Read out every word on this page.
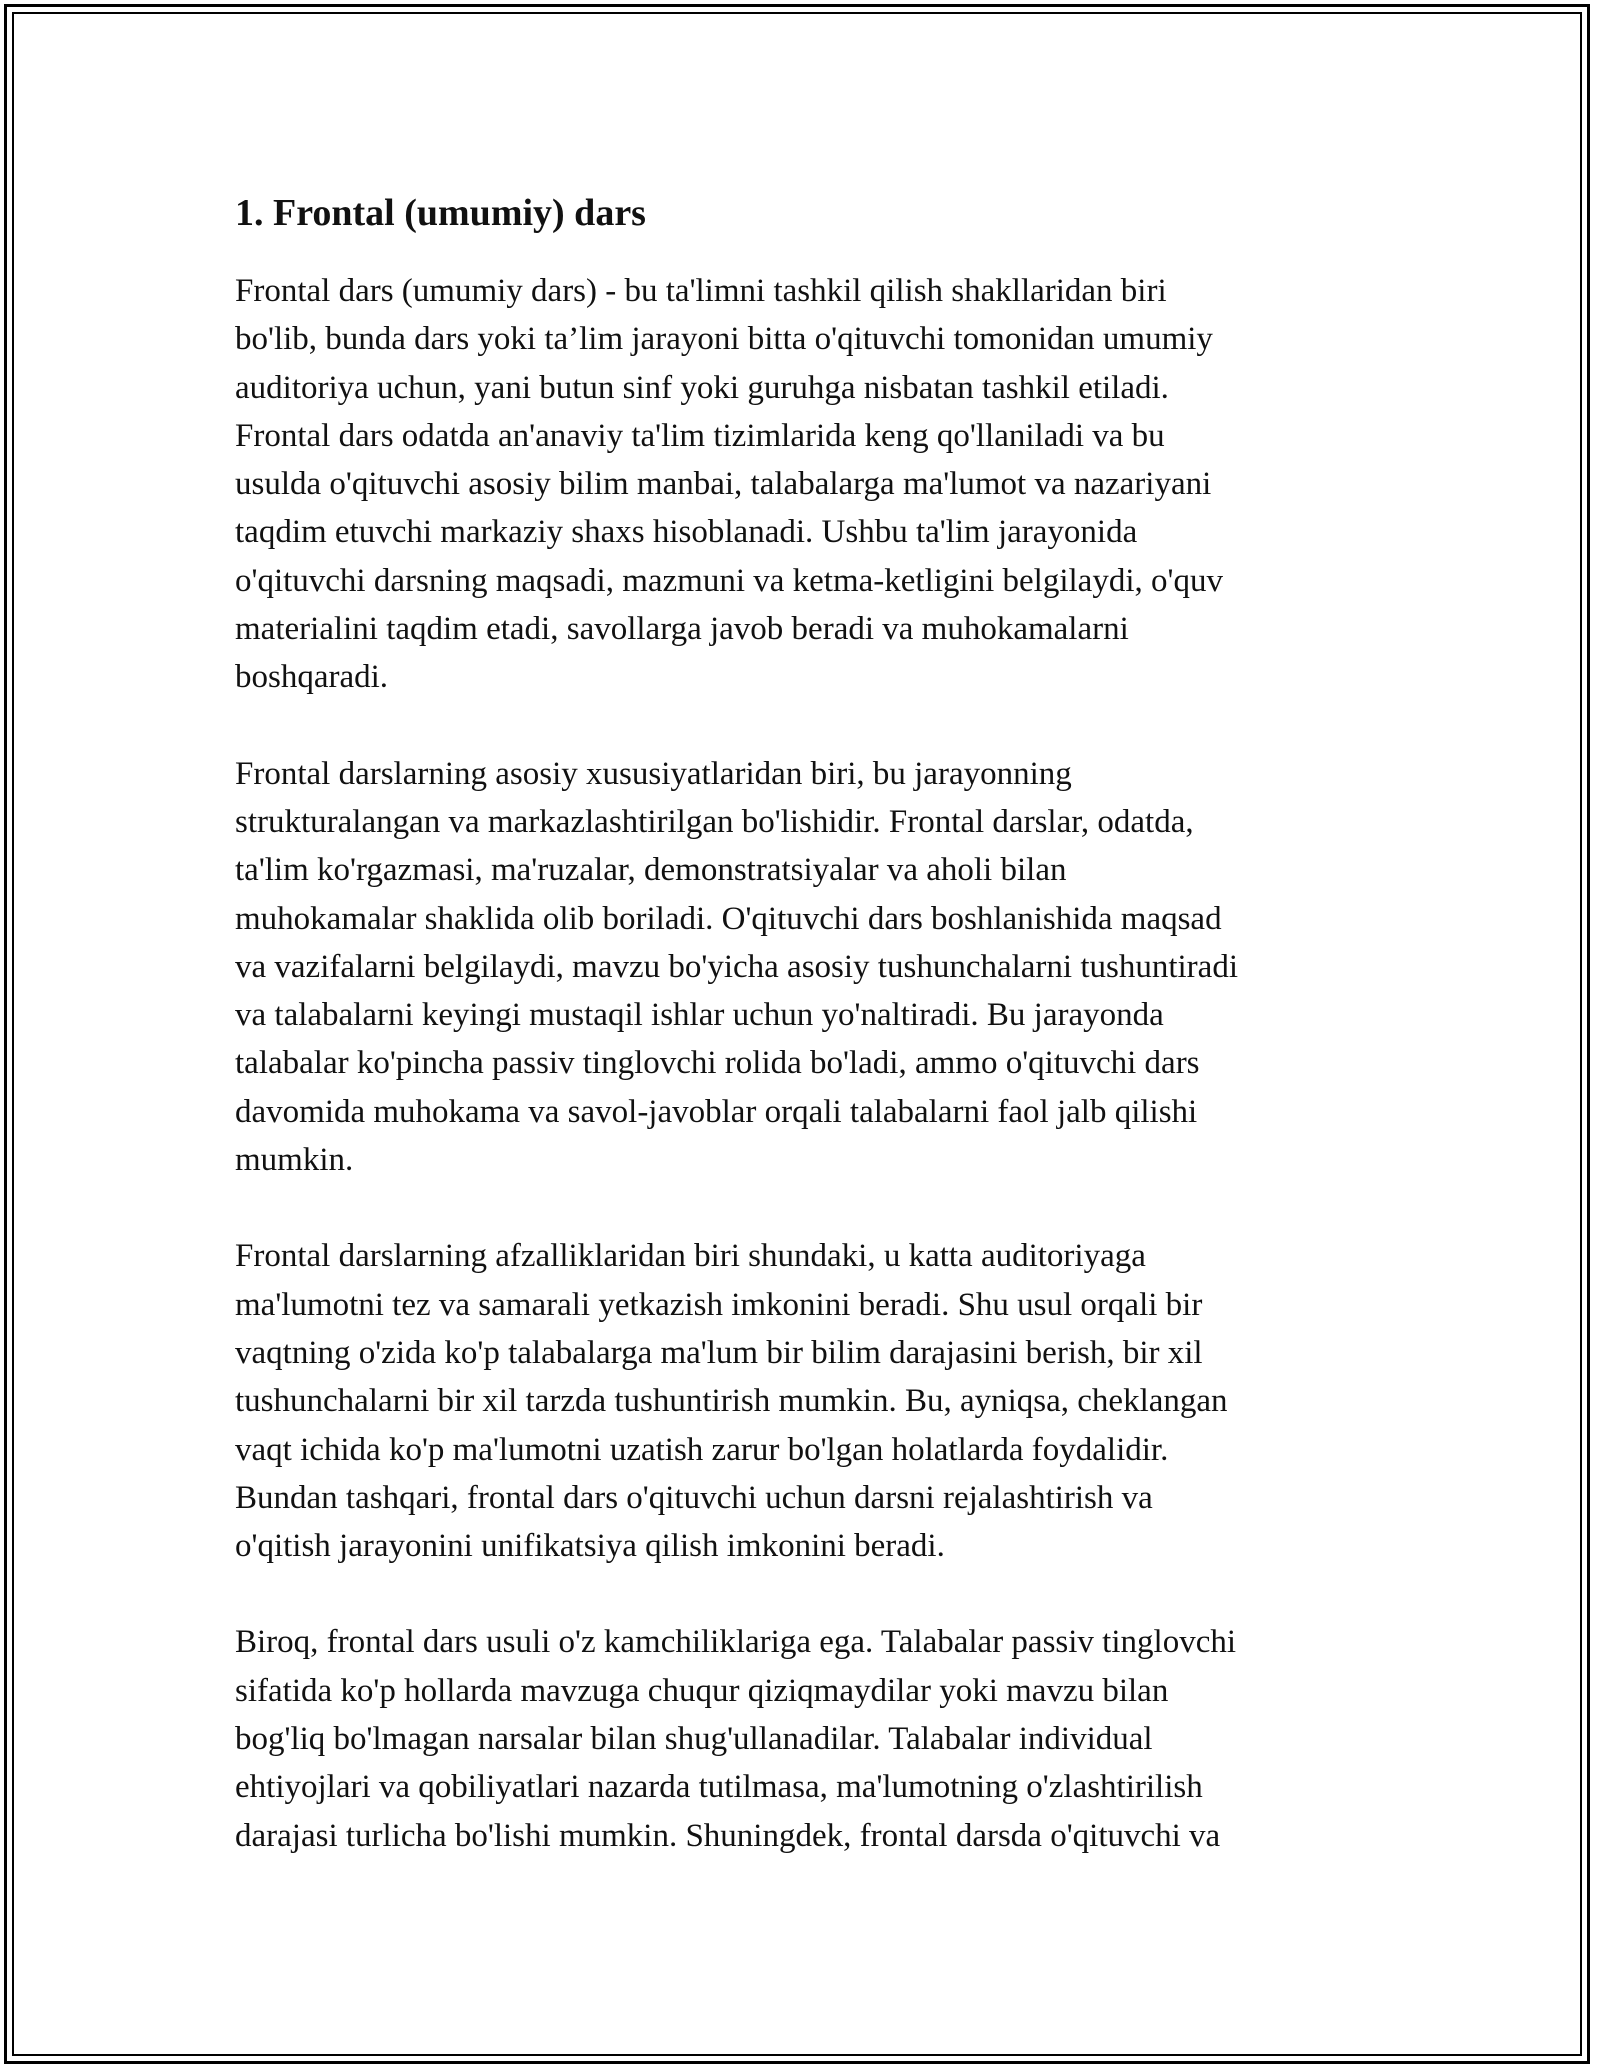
1. Frontal (umumiy) dars

Frontal dars (umumiy dars) - bu ta'limni tashkil qilish shakllaridan biri
bo'lib, bunda dars yoki ta’lim jarayoni bitta o'qituvchi tomonidan umumiy
auditoriya uchun, yani butun sinf yoki guruhga nisbatan tashkil etiladi.
Frontal dars odatda an'anaviy ta'lim tizimlarida keng qo'llaniladi va bu
usulda o'qituvchi asosiy bilim manbai, talabalarga ma'lumot va nazariyani
taqdim etuvchi markaziy shaxs hisoblanadi. Ushbu ta'lim jarayonida
o'qituvchi darsning maqsadi, mazmuni va ketma-ketligini belgilaydi, o'quv
materialini taqdim etadi, savollarga javob beradi va muhokamalarni
boshqaradi.

Frontal darslarning asosiy xususiyatlaridan biri, bu jarayonning
strukturalangan va markazlashtirilgan bo'lishidir. Frontal darslar, odatda,
ta'lim ko'rgazmasi, ma'ruzalar, demonstratsiyalar va aholi bilan
muhokamalar shaklida olib boriladi. O'qituvchi dars boshlanishida maqsad
va vazifalarni belgilaydi, mavzu bo'yicha asosiy tushunchalarni tushuntiradi
va talabalarni keyingi mustaqil ishlar uchun yo'naltiradi. Bu jarayonda
talabalar ko'pincha passiv tinglovchi rolida bo'ladi, ammo o'qituvchi dars
davomida muhokama va savol-javoblar orqali talabalarni faol jalb qilishi
mumkin.

Frontal darslarning afzalliklaridan biri shundaki, u katta auditoriyaga
ma'lumotni tez va samarali yetkazish imkonini beradi. Shu usul orqali bir
vaqtning o'zida ko'p talabalarga ma'lum bir bilim darajasini berish, bir xil
tushunchalarni bir xil tarzda tushuntirish mumkin. Bu, ayniqsa, cheklangan
vaqt ichida ko'p ma'lumotni uzatish zarur bo'lgan holatlarda foydalidir.
Bundan tashqari, frontal dars o'qituvchi uchun darsni rejalashtirish va
o'qitish jarayonini unifikatsiya qilish imkonini beradi.

Biroq, frontal dars usuli o'z kamchiliklariga ega. Talabalar passiv tinglovchi
sifatida ko'p hollarda mavzuga chuqur qiziqmaydilar yoki mavzu bilan
bog'liq bo'lmagan narsalar bilan shug'ullanadilar. Talabalar individual
ehtiyojlari va qobiliyatlari nazarda tutilmasa, ma'lumotning o'zlashtirilish
darajasi turlicha bo'lishi mumkin. Shuningdek, frontal darsda o'qituvchi va
